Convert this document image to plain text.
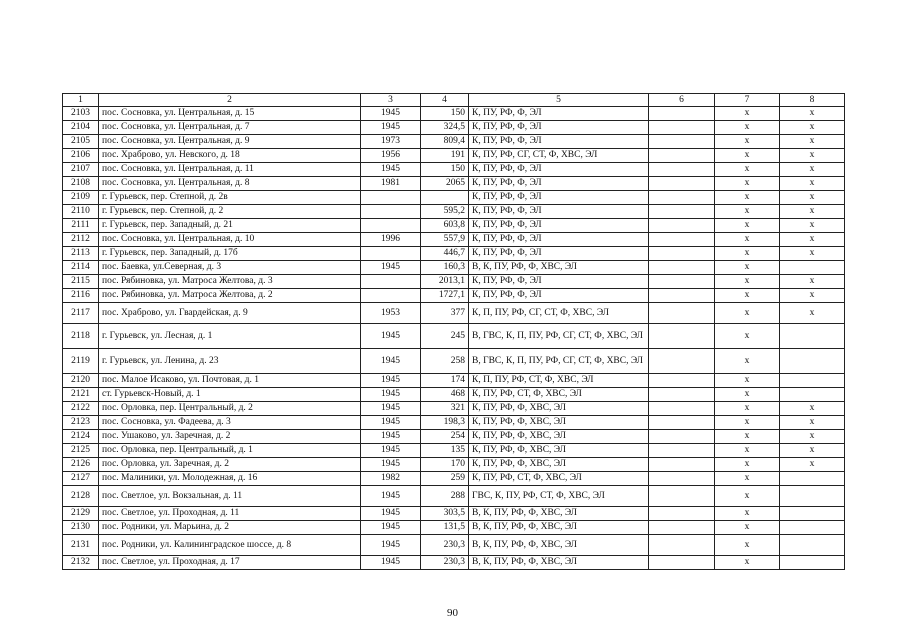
1	2	3	4	5	6	7	8
2103	пос. Сосновка, ул. Центральная, д. 15	1945	150	К, ПУ, РФ, Ф, ЭЛ		x	x
2104	пос. Сосновка, ул. Центральная, д. 7	1945	324,5	К, ПУ, РФ, Ф, ЭЛ		x	x
2105	пос. Сосновка, ул. Центральная, д. 9	1973	809,4	К, ПУ, РФ, Ф, ЭЛ		x	x
2106	пос. Храброво, ул. Невского, д. 18	1956	191	К, ПУ, РФ, СГ, СТ, Ф, ХВС, ЭЛ		x	x
2107	пос. Сосновка, ул. Центральная, д. 11	1945	150	К, ПУ, РФ, Ф, ЭЛ		x	x
2108	пос. Сосновка, ул. Центральная, д. 8	1981	2065	К, ПУ, РФ, Ф, ЭЛ		x	x
2109	г. Гурьевск, пер. Степной, д. 2в			К, ПУ, РФ, Ф, ЭЛ		x	x
2110	г. Гурьевск, пер. Степной, д. 2		595,2	К, ПУ, РФ, Ф, ЭЛ		x	x
2111	г. Гурьевск, пер. Западный, д. 21		603,8	К, ПУ, РФ, Ф, ЭЛ		x	x
2112	пос. Сосновка, ул. Центральная, д. 10	1996	557,9	К, ПУ, РФ, Ф, ЭЛ		x	x
2113	г. Гурьевск, пер. Западный, д. 17б		446,7	К, ПУ, РФ, Ф, ЭЛ		x	x
2114	пос. Баевка, ул.Северная, д. 3	1945	160,3	В, К, ПУ, РФ, Ф, ХВС, ЭЛ		x	
2115	пос. Рябиновка, ул. Матроса Желтова, д. 3		2013,1	К, ПУ, РФ, Ф, ЭЛ		x	x
2116	пос. Рябиновка, ул. Матроса Желтова, д. 2		1727,1	К, ПУ, РФ, Ф, ЭЛ		x	x
2117	пос. Храброво, ул. Гвардейская, д. 9	1953	377	К, П, ПУ, РФ, СГ, СТ, Ф, ХВС, ЭЛ		x	x
2118	г. Гурьевск, ул. Лесная, д. 1	1945	245	В, ГВС, К, П, ПУ, РФ, СГ, СТ, Ф, ХВС, ЭЛ		x	
2119	г. Гурьевск, ул. Ленина, д. 23	1945	258	В, ГВС, К, П, ПУ, РФ, СГ, СТ, Ф, ХВС, ЭЛ		x	
2120	пос. Малое Исаково, ул. Почтовая, д. 1	1945	174	К, П, ПУ, РФ, СТ, Ф, ХВС, ЭЛ		x	
2121	ст. Гурьевск-Новый, д. 1	1945	468	К, ПУ, РФ, СТ, Ф, ХВС, ЭЛ		x	
2122	пос. Орловка, пер. Центральный, д. 2	1945	321	К, ПУ, РФ, Ф, ХВС, ЭЛ		x	x
2123	пос. Сосновка, ул. Фадеева, д. 3	1945	198,3	К, ПУ, РФ, Ф, ХВС, ЭЛ		x	x
2124	пос. Ушаково, ул. Заречная, д. 2	1945	254	К, ПУ, РФ, Ф, ХВС, ЭЛ		x	x
2125	пос. Орловка, пер. Центральный, д. 1	1945	135	К, ПУ, РФ, Ф, ХВС, ЭЛ		x	x
2126	пос. Орловка, ул. Заречная, д. 2	1945	170	К, ПУ, РФ, Ф, ХВС, ЭЛ		x	x
2127	пос. Малиники, ул. Молодежная, д. 16	1982	259	К, ПУ, РФ, СТ, Ф, ХВС, ЭЛ		x	
2128	пос. Светлое, ул. Вокзальная, д. 11	1945	288	ГВС, К, ПУ, РФ, СТ, Ф, ХВС, ЭЛ		x	
2129	пос. Светлое, ул. Проходная, д. 11	1945	303,5	В, К, ПУ, РФ, Ф, ХВС, ЭЛ		x	
2130	пос. Родники, ул. Марьина, д. 2	1945	131,5	В, К, ПУ, РФ, Ф, ХВС, ЭЛ		x	
2131	пос. Родники, ул. Калининградское шоссе, д. 8	1945	230,3	В, К, ПУ, РФ, Ф, ХВС, ЭЛ		x	
2132	пос. Светлое, ул. Проходная, д. 17	1945	230,3	В, К, ПУ, РФ, Ф, ХВС, ЭЛ		x	
90
